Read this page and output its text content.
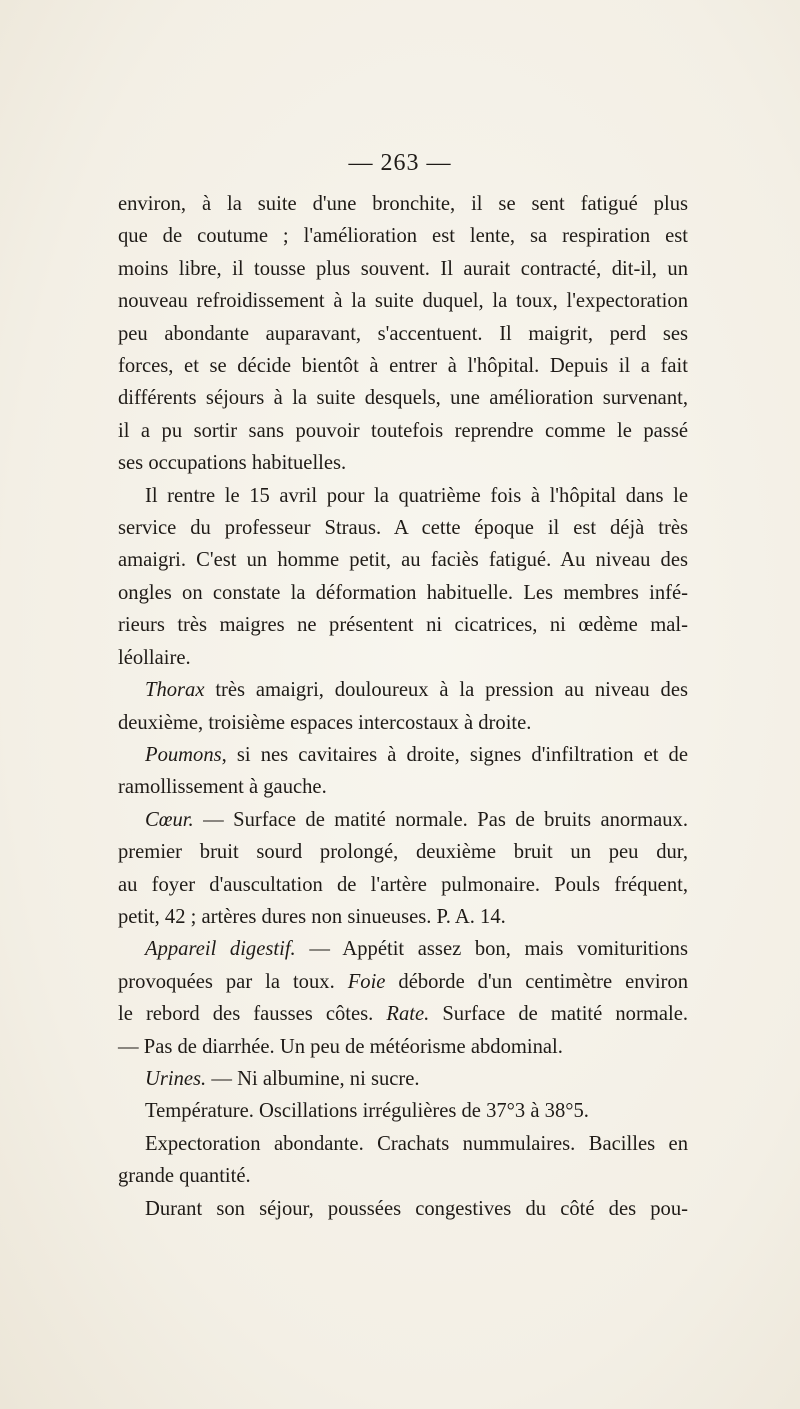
— 263 —
environ, à la suite d'une bronchite, il se sent fatigué plus
que de coutume ; l'amélioration est lente, sa respiration est
moins libre, il tousse plus souvent. Il aurait contracté, dit-il, un
nouveau refroidissement à la suite duquel, la toux, l'expectoration
peu abondante auparavant, s'accentuent. Il maigrit, perd ses
forces, et se décide bientôt à entrer à l'hôpital. Depuis il a fait
différents séjours à la suite desquels, une amélioration survenant,
il a pu sortir sans pouvoir toutefois reprendre comme le passé
ses occupations habituelles.
Il rentre le 15 avril pour la quatrième fois à l'hôpital dans le
service du professeur Straus. A cette époque il est déjà très
amaigri. C'est un homme petit, au faciès fatigué. Au niveau des
ongles on constate la déformation habituelle. Les membres infé-
rieurs très maigres ne présentent ni cicatrices, ni œdème mal-
léollaire.
Thorax très amaigri, douloureux à la pression au niveau des
deuxième, troisième espaces intercostaux à droite.
Poumons, si nes cavitaires à droite, signes d'infiltration et de
ramollissement à gauche.
Cœur. — Surface de matité normale. Pas de bruits anormaux.
premier bruit sourd prolongé, deuxième bruit un peu dur,
au foyer d'auscultation de l'artère pulmonaire. Pouls fréquent,
petit, 42 ; artères dures non sinueuses. P. A. 14.
Appareil digestif. — Appétit assez bon, mais vomituritions
provoquées par la toux. Foie déborde d'un centimètre environ
le rebord des fausses côtes. Rate. Surface de matité normale.
— Pas de diarrhée. Un peu de météorisme abdominal.
Urines. — Ni albumine, ni sucre.
Température. Oscillations irrégulières de 37°3 à 38°5.
Expectoration abondante. Crachats nummulaires. Bacilles en
grande quantité.
Durant son séjour, poussées congestives du côté des pou-
